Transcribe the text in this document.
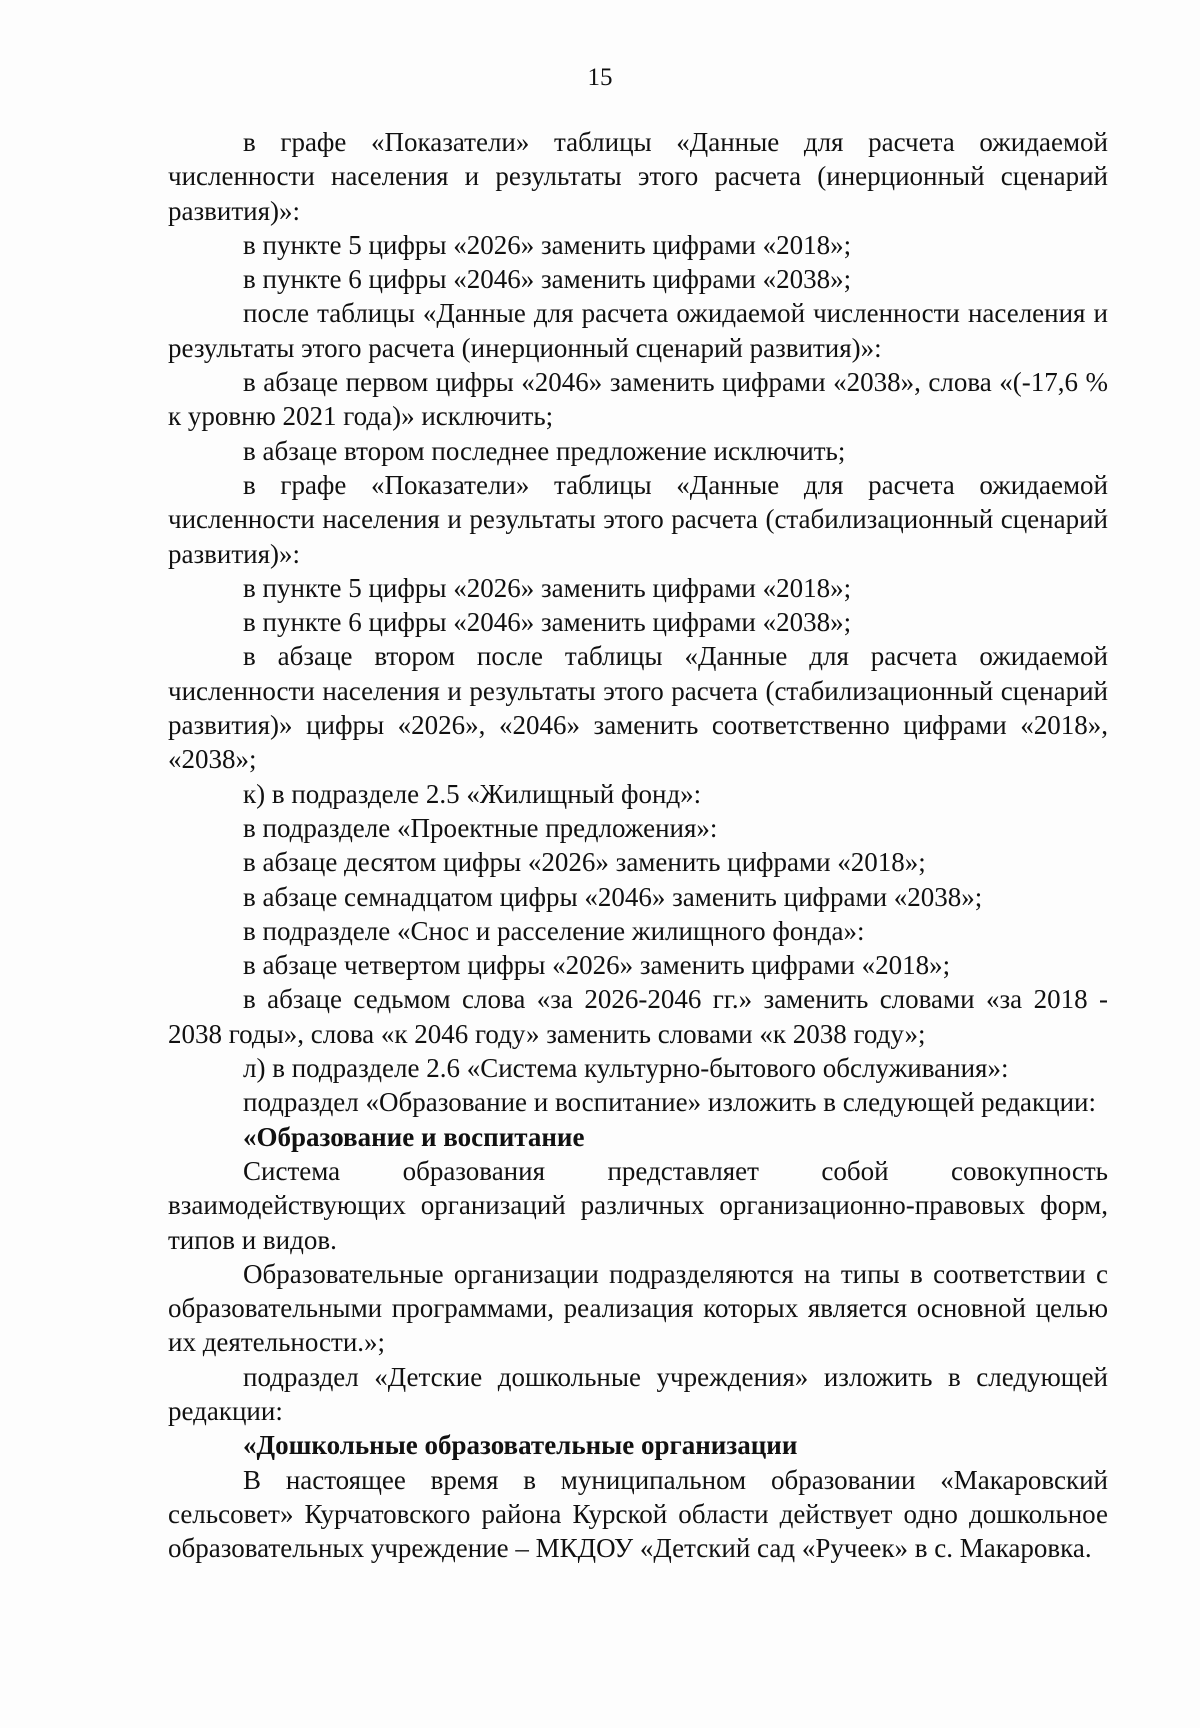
15

в графе «Показатели» таблицы «Данные для расчета ожидаемой численности населения и результаты этого расчета (инерционный сценарий развития)»:

в пункте 5 цифры «2026» заменить цифрами «2018»;

в пункте 6 цифры «2046» заменить цифрами «2038»;

после таблицы «Данные для расчета ожидаемой численности населения и результаты этого расчета (инерционный сценарий развития)»:

в абзаце первом цифры «2046» заменить цифрами «2038», слова «(-17,6 % к уровню 2021 года)» исключить;

в абзаце втором последнее предложение исключить;

в графе «Показатели» таблицы «Данные для расчета ожидаемой численности населения и результаты этого расчета (стабилизационный сценарий развития)»:

в пункте 5 цифры «2026» заменить цифрами «2018»;

в пункте 6 цифры «2046» заменить цифрами «2038»;

в абзаце втором после таблицы «Данные для расчета ожидаемой численности населения и результаты этого расчета (стабилизационный сценарий развития)» цифры «2026», «2046» заменить соответственно цифрами «2018», «2038»;

к) в подразделе 2.5 «Жилищный фонд»:

в подразделе «Проектные предложения»:

в абзаце десятом цифры «2026» заменить цифрами «2018»;

в абзаце семнадцатом цифры «2046» заменить цифрами «2038»;

в подразделе «Снос и расселение жилищного фонда»:

в абзаце четвертом цифры «2026» заменить цифрами «2018»;

в абзаце седьмом слова «за 2026-2046 гг.» заменить словами «за 2018 - 2038 годы», слова «к 2046 году» заменить словами «к 2038 году»;

л) в подразделе 2.6 «Система культурно-бытового обслуживания»:

подраздел «Образование и воспитание» изложить в следующей редакции:

«Образование и воспитание

Система образования представляет собой совокупность взаимодействующих организаций различных организационно-правовых форм, типов и видов.

Образовательные организации подразделяются на типы в соответствии с образовательными программами, реализация которых является основной целью их деятельности.»;

подраздел «Детские дошкольные учреждения» изложить в следующей редакции:

«Дошкольные образовательные организации

В настоящее время в муниципальном образовании «Макаровский сельсовет» Курчатовского района Курской области действует одно дошкольное образовательных учреждение – МКДОУ «Детский сад «Ручеек» в с. Макаровка.
